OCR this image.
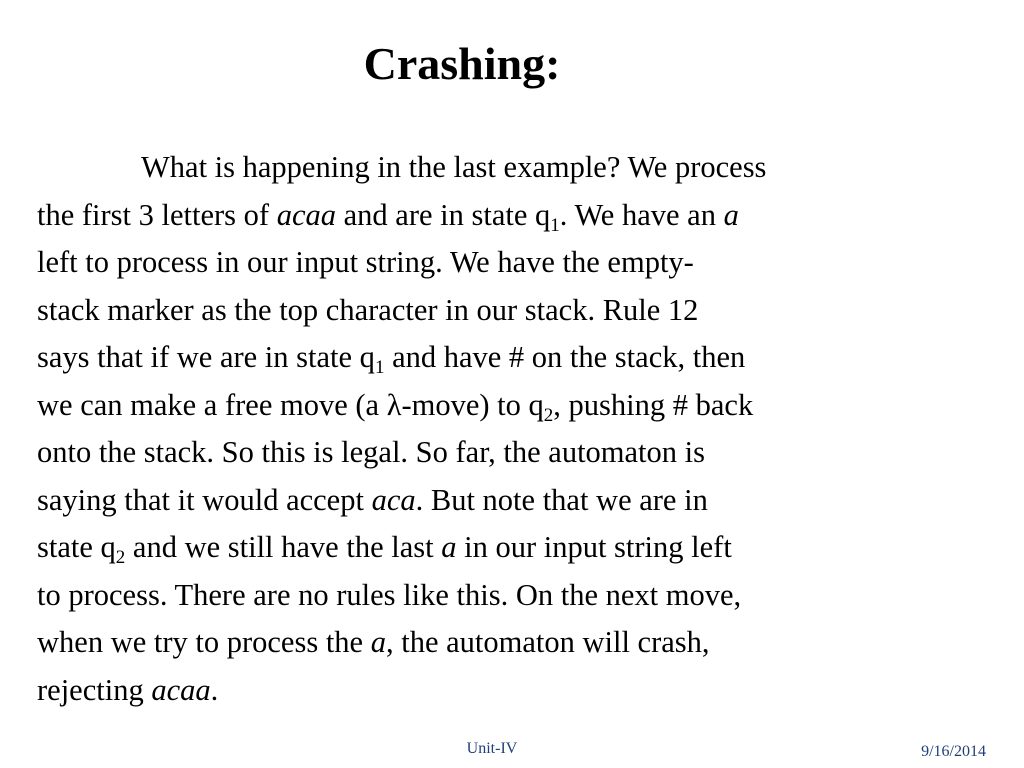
Crashing:
What is happening in the last example? We process
the first 3 letters of acaa and are in state $q_1$. We have an a
left to process in our input string. We have the empty-
stack marker as the top character in our stack. Rule 12
says that if we are in state $q_1$ and have # on the stack, then
we can make a free move (a λ-move) to $q_2$, pushing # back
onto the stack. So this is legal. So far, the automaton is
saying that it would accept aca. But note that we are in
state $q_2$ and we still have the last a in our input string left
to process. There are no rules like this. On the next move,
when we try to process the a, the automaton will crash,
rejecting acaa.
Unit-IV	9/16/2014
